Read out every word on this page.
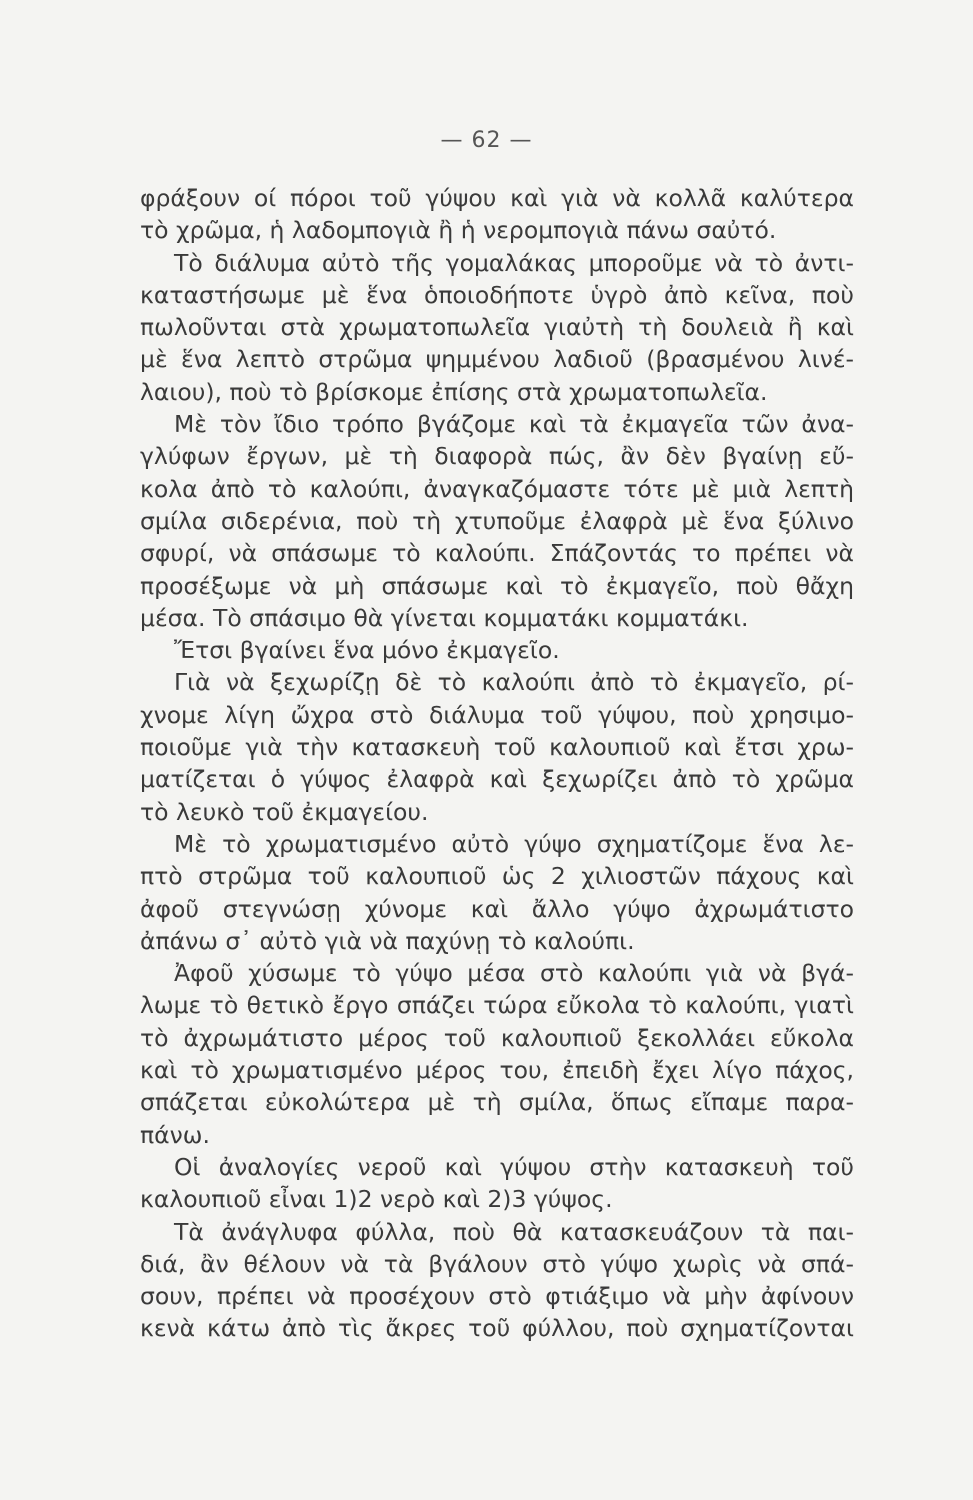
— 62 —
φράξουν οί πόροι τοῦ γύψου καὶ γιὰ νὰ κολλᾶ καλύτερα
τὸ χρῶμα, ἡ λαδομπογιὰ ἢ ἡ νερομπογιὰ πάνω σαὐτό.
Τὸ διάλυμα αὐτὸ τῆς γομαλάκας μποροῦμε νὰ τὸ ἀντι-
καταστήσωμε μὲ ἕνα ὁποιοδήποτε ὑγρὸ ἀπὸ κεῖνα, ποὺ
πωλοῦνται στὰ χρωματοπωλεῖα γιαὐτὴ τὴ δουλειὰ ἢ καὶ
μὲ ἕνα λεπτὸ στρῶμα ψημμένου λαδιοῦ (βρασμένου λινέ-
λαιου), ποὺ τὸ βρίσκομε ἐπίσης στὰ χρωματοπωλεῖα.
Μὲ τὸν ἴδιο τρόπο βγάζομε καὶ τὰ ἐκμαγεῖα τῶν ἀνα-
γλύφων ἔργων, μὲ τὴ διαφορὰ πώς, ἂν δὲν βγαίνῃ εὔ-
κολα ἀπὸ τὸ καλούπι, ἀναγκαζόμαστε τότε μὲ μιὰ λεπτὴ
σμίλα σιδερένια, ποὺ τὴ χτυποῦμε ἐλαφρὰ μὲ ἕνα ξύλινο
σφυρί, νὰ σπάσωμε τὸ καλούπι. Σπάζοντάς το πρέπει νὰ
προσέξωμε νὰ μὴ σπάσωμε καὶ τὸ ἐκμαγεῖο, ποὺ θἄχη
μέσα. Τὸ σπάσιμο θὰ γίνεται κομματάκι κομματάκι.
Ἔτσι βγαίνει ἕνα μόνο ἐκμαγεῖο.
Γιὰ νὰ ξεχωρίζῃ δὲ τὸ καλούπι ἀπὸ τὸ ἐκμαγεῖο, ρί-
χνομε λίγη ὤχρα στὸ διάλυμα τοῦ γύψου, ποὺ χρησιμο-
ποιοῦμε γιὰ τὴν κατασκευὴ τοῦ καλουπιοῦ καὶ ἔτσι χρω-
ματίζεται ὁ γύψος ἐλαφρὰ καὶ ξεχωρίζει ἀπὸ τὸ χρῶμα
τὸ λευκὸ τοῦ ἐκμαγείου.
Μὲ τὸ χρωματισμένο αὐτὸ γύψο σχηματίζομε ἕνα λε-
πτὸ στρῶμα τοῦ καλουπιοῦ ὡς 2 χιλιοστῶν πάχους καὶ
ἀφοῦ στεγνώσῃ χύνομε καὶ ἄλλο γύψο ἀχρωμάτιστο
ἀπάνω σ᾿ αὐτὸ γιὰ νὰ παχύνῃ τὸ καλούπι.
Ἀφοῦ χύσωμε τὸ γύψο μέσα στὸ καλούπι γιὰ νὰ βγά-
λωμε τὸ θετικὸ ἔργο σπάζει τώρα εὔκολα τὸ καλούπι, γιατὶ
τὸ ἀχρωμάτιστο μέρος τοῦ καλουπιοῦ ξεκολλάει εὔκολα
καὶ τὸ χρωματισμένο μέρος του, ἐπειδὴ ἔχει λίγο πάχος,
σπάζεται εὐκολώτερα μὲ τὴ σμίλα, ὅπως εἴπαμε παρα-
πάνω.
Οἱ ἀναλογίες νεροῦ καὶ γύψου στὴν κατασκευὴ τοῦ
καλουπιοῦ εἶναι 1)2 νερὸ καὶ 2)3 γύψος.
Τὰ ἀνάγλυφα φύλλα, ποὺ θὰ κατασκευάζουν τὰ παι-
διά, ἂν θέλουν νὰ τὰ βγάλουν στὸ γύψο χωρὶς νὰ σπά-
σουν, πρέπει νὰ προσέχουν στὸ φτιάξιμο νὰ μὴν ἀφίνουν
κενὰ κάτω ἀπὸ τὶς ἄκρες τοῦ φύλλου, ποὺ σχηματίζονται
